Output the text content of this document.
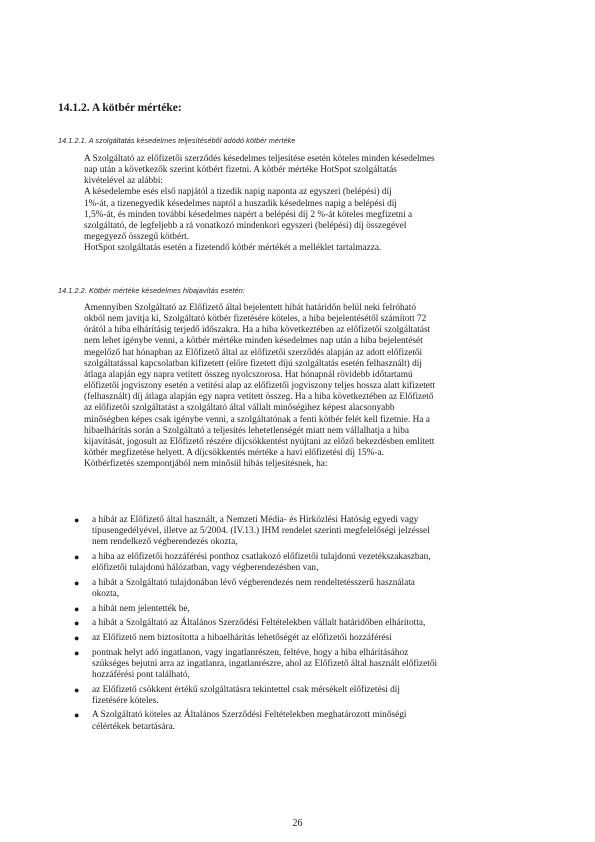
14.1.2. A kötbér mértéke:
14.1.2.1. A szolgáltatás késedelmes teljesítéséből adódó kötbér mértéke
A Szolgáltató az előfizetői szerződés késedelmes teljesítése esetén köteles minden késedelmes
nap után a következők szerint kötbért fizetni. A kötbér mértéke HotSpot szolgáltatás
kivételével az alábbi:
A késedelembe esés első napjától a tizedik napig naponta az egyszeri (belépési) díj
1%-át, a tizenegyedik késedelmes naptól a huszadik késedelmes napig a belépési díj
1,5%-át, és minden további késedelmes napért a belépési díj 2 %-át köteles megfizetni a
szolgáltató, de legfeljebb a rá vonatkozó mindenkori egyszeri (belépési) díj összegével
megegyező összegű kötbért.
HotSpot szolgáltatás esetén a fizetendő kötbér mértékét a melléklet tartalmazza.
14.1.2.2. Kötbér mértéke késedelmes hibajavítás esetén:
Amennyiben Szolgáltató az Előfizető által bejelentett hibát határidőn belül neki felróható
okból nem javítja ki, Szolgáltató kötbér fizetésére köteles, a hiba bejelentésétől számított 72
órától a hiba elhárításig terjedő időszakra. Ha a hiba következtében az előfizetői szolgáltatást
nem lehet igénybe venni, a kötbér mértéke minden késedelmes nap után a hiba bejelentését
megelőző hat hónapban az Előfizető által az előfizetői szerződés alapján az adott előfizetői
szolgáltatással kapcsolatban kifizetett (előre fizetett díjú szolgáltatás esetén felhasznált) díj
átlaga alapján egy napra vetített összeg nyolcszorosa. Hat hónapnál rövidebb időtartamú
előfizetői jogviszony esetén a vetítési alap az előfizetői jogviszony teljes hossza alatt kifizetett
(felhasznált) díj átlaga alapján egy napra vetített összeg. Ha a hiba következtében az Előfizető
az előfizetői szolgáltatást a szolgáltató által vállalt minőségihez képest alacsonyabb
minőségben képes csak igénybe venni, a szolgáltatónak a fenti kötbér felét kell fizetnie. Ha a
hibaelhárítás során a Szolgáltató a teljesítés lehetetlenségét miatt nem vállalhatja a hiba
kijavítását, jogosult az Előfizető részére díjcsökkentést nyújtani az előző bekezdésben említett
kötbér megfizetése helyett. A díjcsökkentés mértéke a havi előfizetési díj 15%-a.
Kötbérfizetés szempontjából nem minősül hibás teljesítésnek, ha:
● a hibát az Előfizető által használt, a Nemzeti Média- és Hírközlési Hatóság egyedi vagy
típusengedélyével, illetve az 5/2004. (IV.13.) IHM rendelet szerinti megfelelőségi jelzéssel
nem rendelkező végberendezés okozta,
● a hiba az előfizetői hozzáférési ponthoz csatlakozó előfizetői tulajdonú vezetékszakaszban,
előfizetői tulajdonú hálózatban, vagy végberendezésben van,
● a hibát a Szolgáltató tulajdonában lévő végberendezés nem rendeltetésszerű használata
okozta,
● a hibát nem jelentették be,
● a hibát a Szolgáltató az Általános Szerződési Feltételekben vállalt határidőben elhárította,
● az Előfizető nem biztosította a hibaelhárítás lehetőségét az előfizetői hozzáférési
● pontnak helyt adó ingatlanon, vagy ingatlanrészen, feltéve, hogy a hiba elhárításához
szükséges bejutni arra az ingatlanra, ingatlanrészre, ahol az Előfizető által használt előfizetői
hozzáférési pont található,
● az Előfizető csökkent értékű szolgáltatásra tekintettel csak mérsékelt előfizetési díj
fizetésére köteles.
● A Szolgáltató köteles az Általános Szerződési Feltételekben meghatározott minőségi
célértékek betartására.
26
